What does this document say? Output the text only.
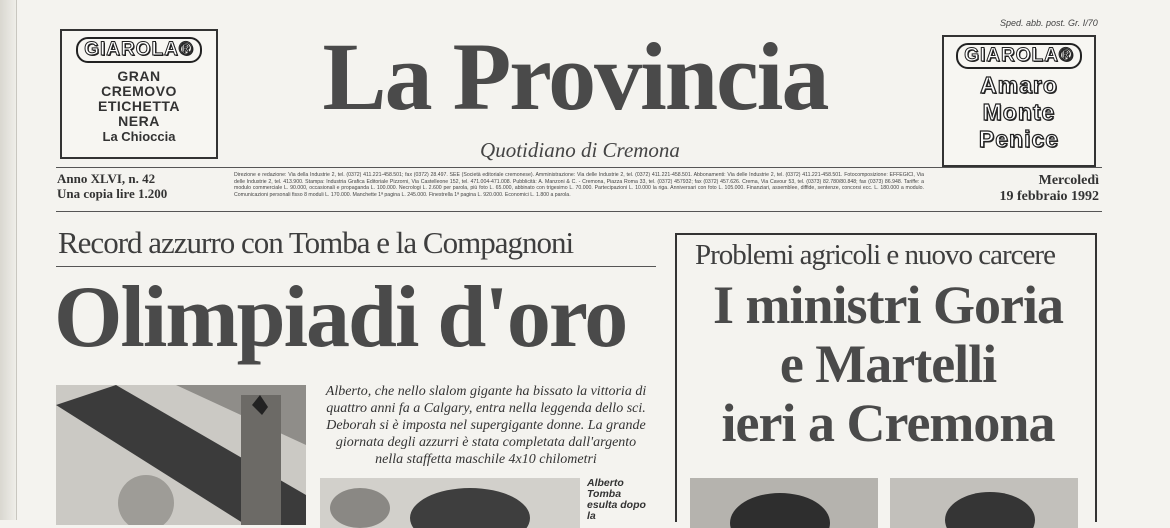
Sped. abb. post. Gr. I/70
GIAROLA®
GRAN
CREMOVO
ETICHETTA
NERA
La Chioccia
La Provincia
Quotidiano di Cremona
GIAROLA®
Amaro
Monte
Penice
Anno XLVI, n. 42
Una copia lire 1.200
Direzione e redazione: Via della Industrie 2, tel. (0372) 411.221-458.501; fax (0372) 28.497. SEE (Società editoriale cremonese). Amministrazione: Via delle Industrie 2, tel. (0372) 411.221-458.501. Abbonamenti: Via delle Industrie 2, tel. (0372) 411.221-458.501. Fotocomposizione: EFFEGICI, Via delle Industrie 2, tel. 413.900. Stampa: Industria Grafica Editoriale Pizzorni, Via Castelleone 152, tel. 471.004-471.008. Pubblicità: A. Manzoni & C. - Cremona, Piazza Roma 33, tel. (0372) 457932; fax (0372) 457.626. Crema, Via Cavour 53, tel. (0373) 82.780/80.848; fax (0373) 86.948. Tariffe: a modulo commerciale L. 90.000, occasionali e propaganda L. 100.000. Necrologi L. 2.600 per parola, più foto L. 65.000, abbinato con trigesimo L. 70.000. Partecipazioni L. 10.000 la riga. Anniversari con foto L. 105.000. Finanziari, assemblee, diffide, sentenze, concorsi ecc. L. 180.000 a modulo. Comunicazioni personali fisso 8 moduli L. 170.000. Manchette 1ª pagina L. 245.000. Finestrella 1ª pagina L. 920.000. Economici L. 1.800 a parola.
Mercoledì
19 febbraio 1992
Record azzurro con Tomba e la Compagnoni
Olimpiadi d'oro
Alberto, che nello slalom gigante ha bissato la vittoria di quattro anni fa a Calgary, entra nella leggenda dello sci. Deborah si è imposta nel supergigante donne. La grande giornata degli azzurri è stata completata dall'argento nella staffetta maschile 4x10 chilometri
Alberto Tomba esulta dopo la
Problemi agricoli e nuovo carcere
I ministri Goria
e Martelli
ieri a Cremona
